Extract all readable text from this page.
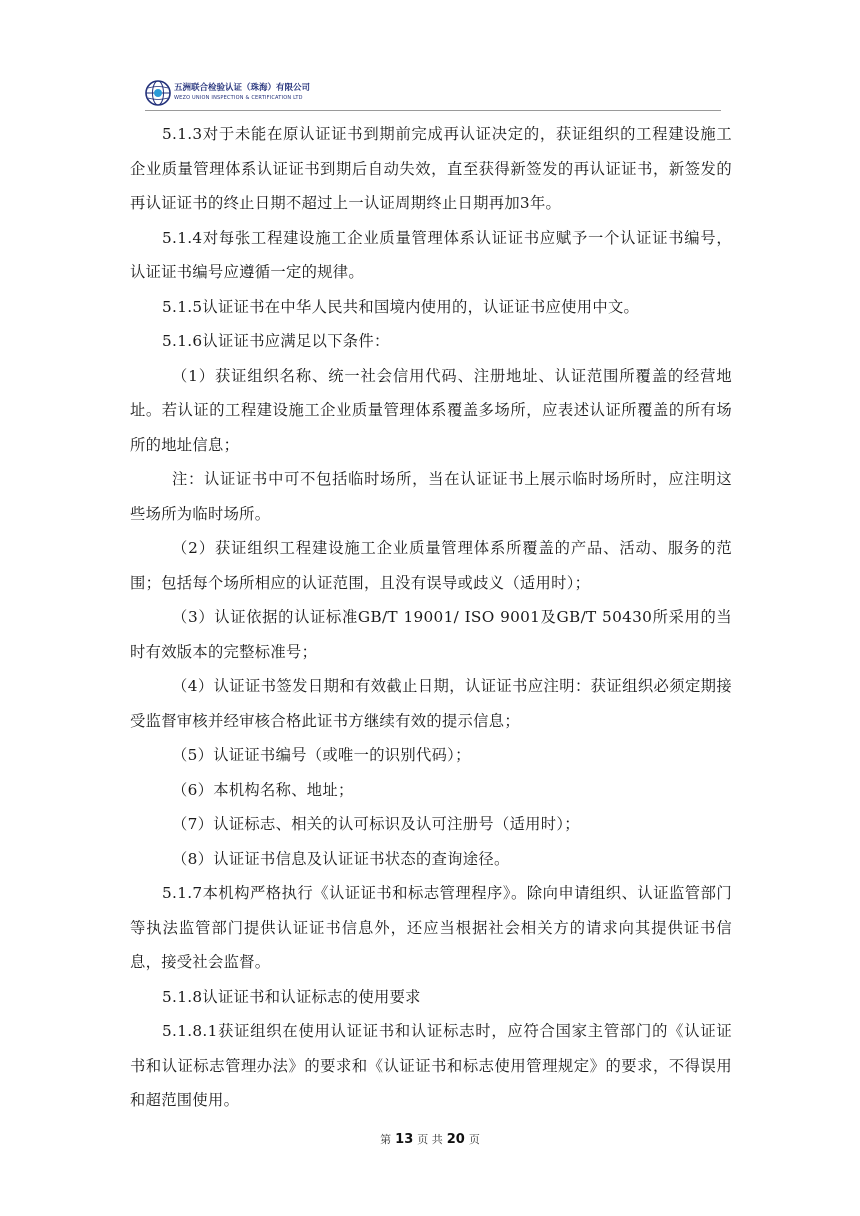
五洲联合检验认证（珠海）有限公司
WEZO UNION INSPECTION & CERTIFICATION LTD

5.1.3对于未能在原认证证书到期前完成再认证决定的，获证组织的工程建设施工企业质量管理体系认证证书到期后自动失效，直至获得新签发的再认证证书，新签发的再认证证书的终止日期不超过上一认证周期终止日期再加3年。

5.1.4对每张工程建设施工企业质量管理体系认证证书应赋予一个认证证书编号，认证证书编号应遵循一定的规律。

5.1.5认证证书在中华人民共和国境内使用的，认证证书应使用中文。

5.1.6认证证书应满足以下条件：

（1）获证组织名称、统一社会信用代码、注册地址、认证范围所覆盖的经营地址。若认证的工程建设施工企业质量管理体系覆盖多场所，应表述认证所覆盖的所有场所的地址信息；

注：认证证书中可不包括临时场所，当在认证证书上展示临时场所时，应注明这些场所为临时场所。

（2）获证组织工程建设施工企业质量管理体系所覆盖的产品、活动、服务的范围；包括每个场所相应的认证范围，且没有误导或歧义（适用时）；

（3）认证依据的认证标准GB/T 19001/ ISO 9001及GB/T 50430所采用的当时有效版本的完整标准号；

（4）认证证书签发日期和有效截止日期，认证证书应注明：获证组织必须定期接受监督审核并经审核合格此证书方继续有效的提示信息；

（5）认证证书编号（或唯一的识别代码）；

（6）本机构名称、地址；

（7）认证标志、相关的认可标识及认可注册号（适用时）；

（8）认证证书信息及认证证书状态的查询途径。

5.1.7本机构严格执行《认证证书和标志管理程序》。除向申请组织、认证监管部门等执法监管部门提供认证证书信息外，还应当根据社会相关方的请求向其提供证书信息，接受社会监督。

5.1.8认证证书和认证标志的使用要求

5.1.8.1获证组织在使用认证证书和认证标志时，应符合国家主管部门的《认证证书和认证标志管理办法》的要求和《认证证书和标志使用管理规定》的要求，不得误用和超范围使用。

第 13 页 共 20 页
